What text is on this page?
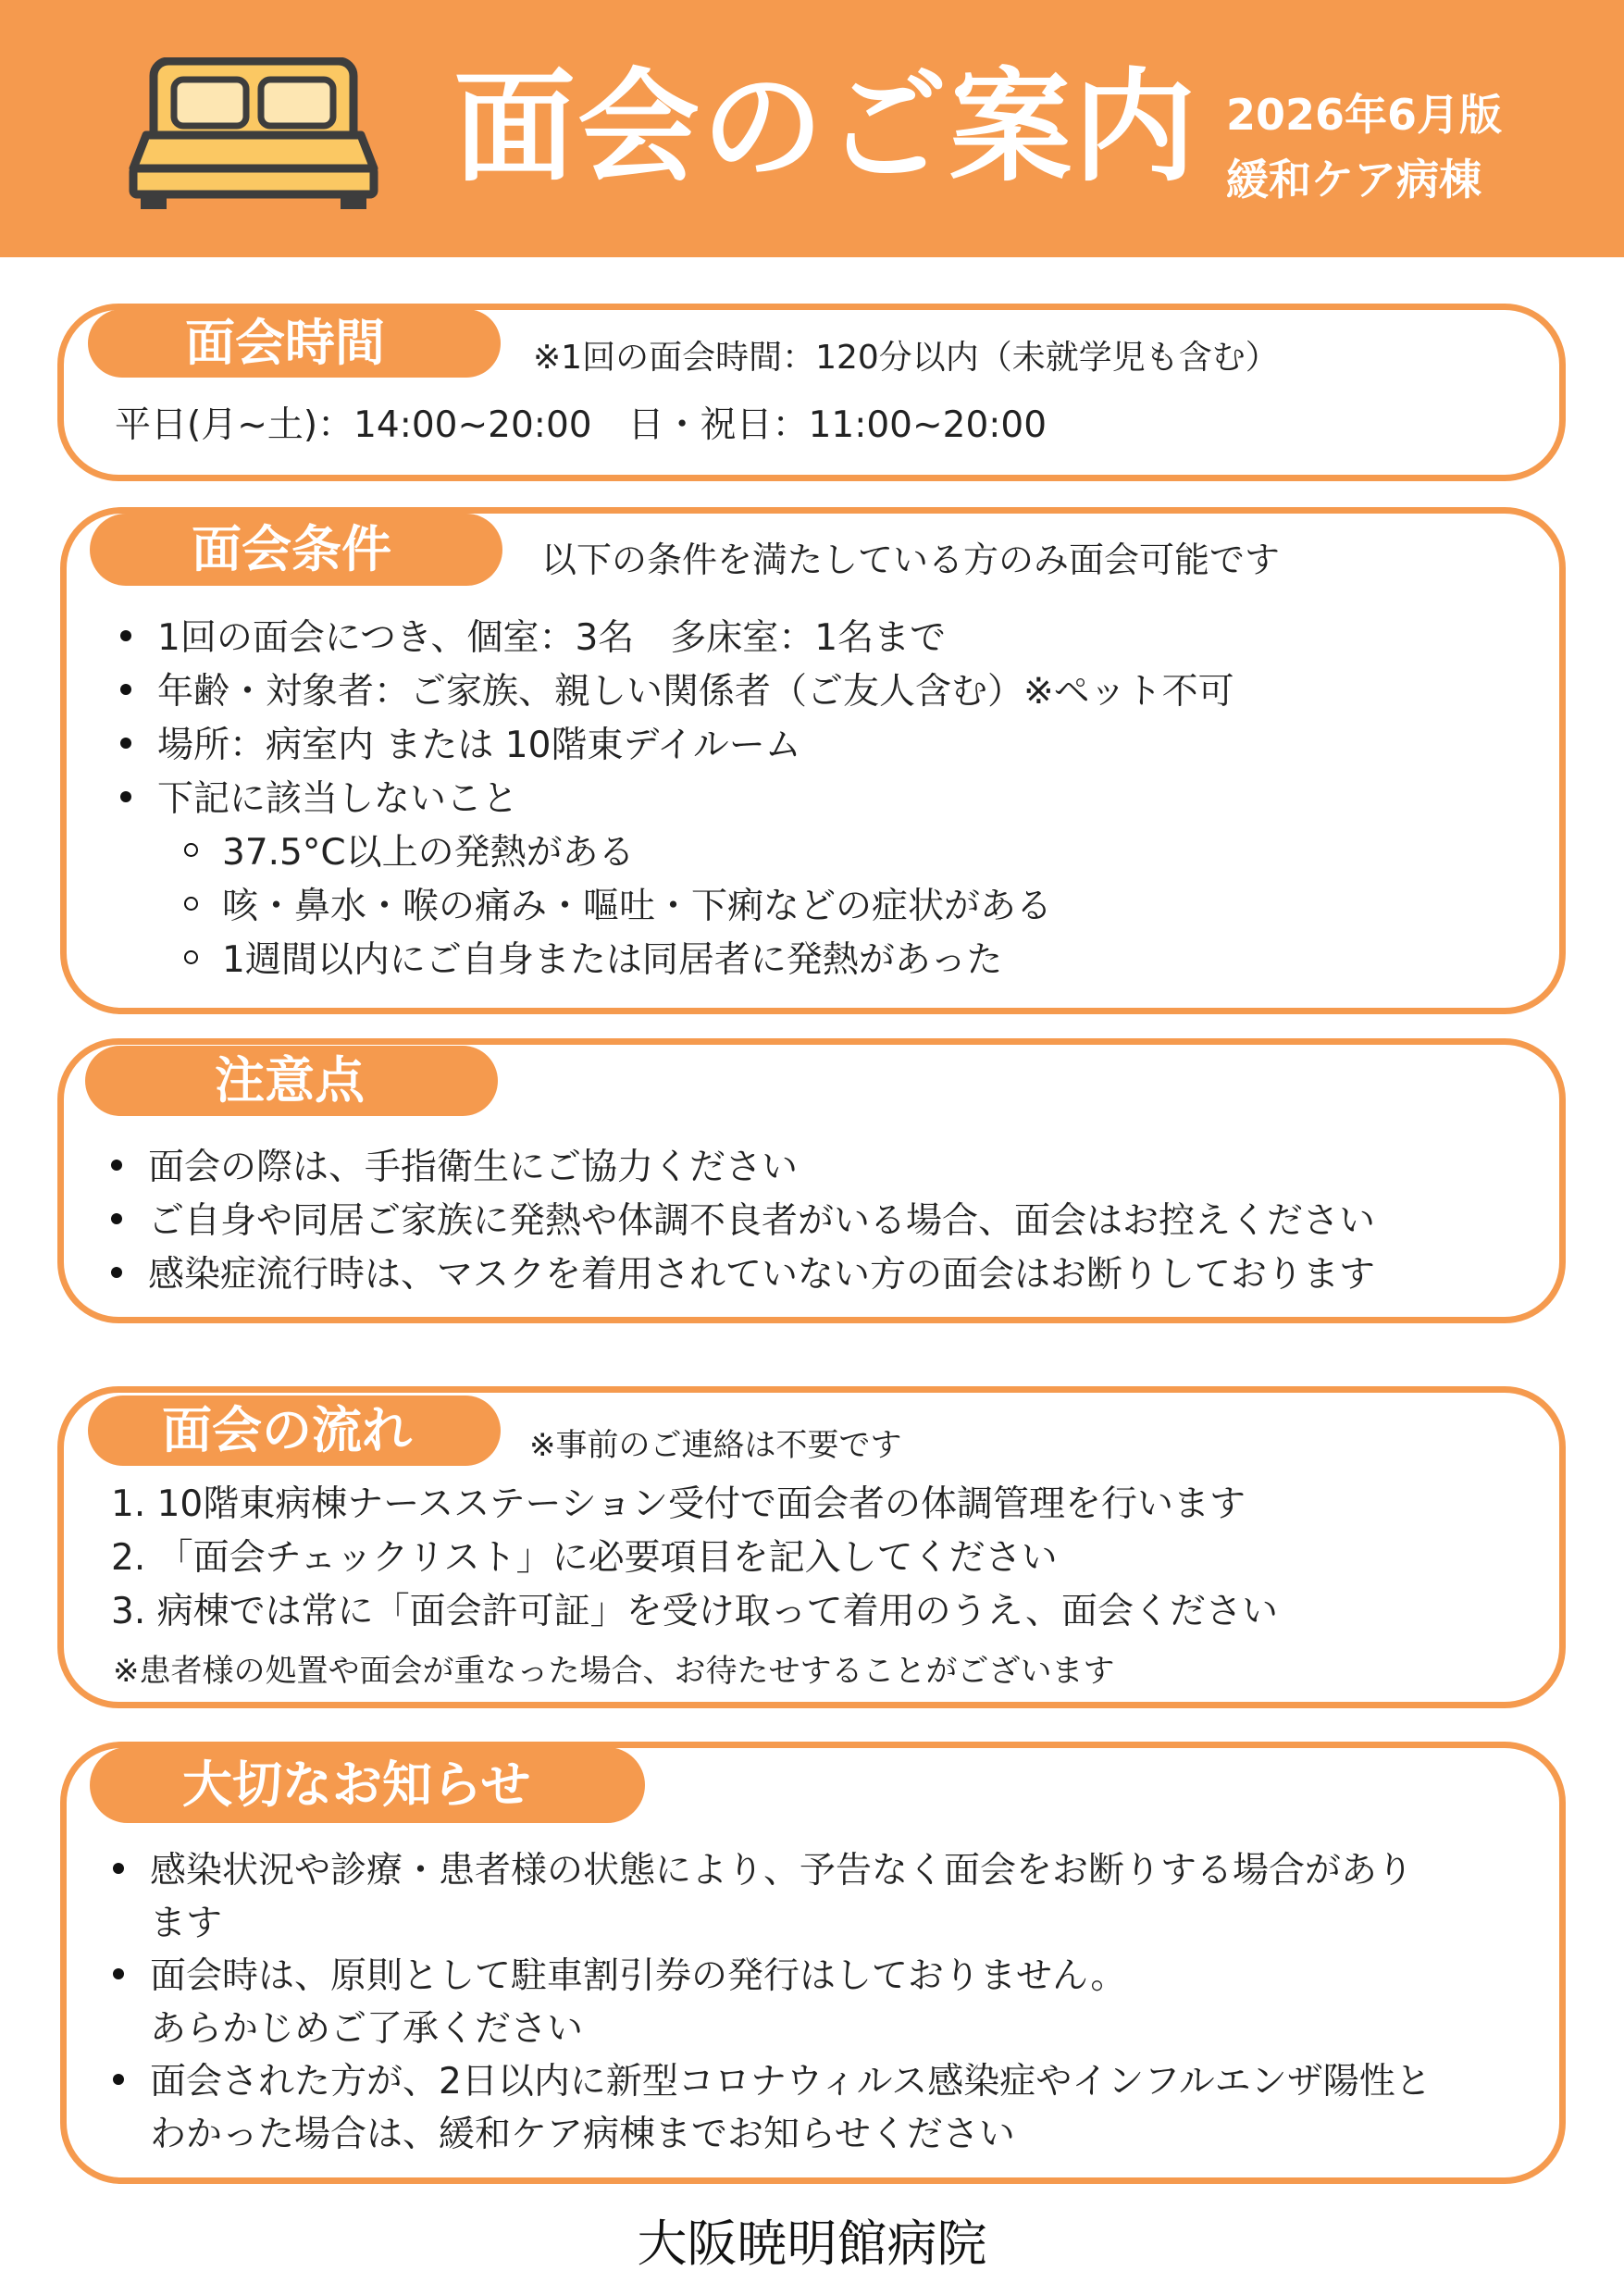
面会のご案内 2026年6月版
緩和ケア病棟
面会時間	※1回の面会時間：120分以内（未就学児も含む）
平日(月~土)：14:00~20:00　日・祝日：11:00~20:00
面会条件	以下の条件を満たしている方のみ面会可能です
1回の面会につき、個室：3名　多床室：1名まで
年齢・対象者：ご家族、親しい関係者（ご友人含む）※ペット不可
場所：病室内 または 10階東デイルーム
下記に該当しないこと
37.5°C以上の発熱がある
咳・鼻水・喉の痛み・嘔吐・下痢などの症状がある
1週間以内にご自身または同居者に発熱があった
注意点
面会の際は、手指衛生にご協力ください
ご自身や同居ご家族に発熱や体調不良者がいる場合、面会はお控えください
感染症流行時は、マスクを着用されていない方の面会はお断りしております
面会の流れ	※事前のご連絡は不要です
1. 10階東病棟ナースステーション受付で面会者の体調管理を行います
2. 「面会チェックリスト」に必要項目を記入してください
3. 病棟では常に「面会許可証」を受け取って着用のうえ、面会ください
※患者様の処置や面会が重なった場合、お待たせすることがございます
大切なお知らせ
感染状況や診療・患者様の状態により、予告なく面会をお断りする場合があり
ます
面会時は、原則として駐車割引券の発行はしておりません。
あらかじめご了承ください
面会された方が、2日以内に新型コロナウィルス感染症やインフルエンザ陽性と
わかった場合は、緩和ケア病棟までお知らせください
大阪暁明館病院
